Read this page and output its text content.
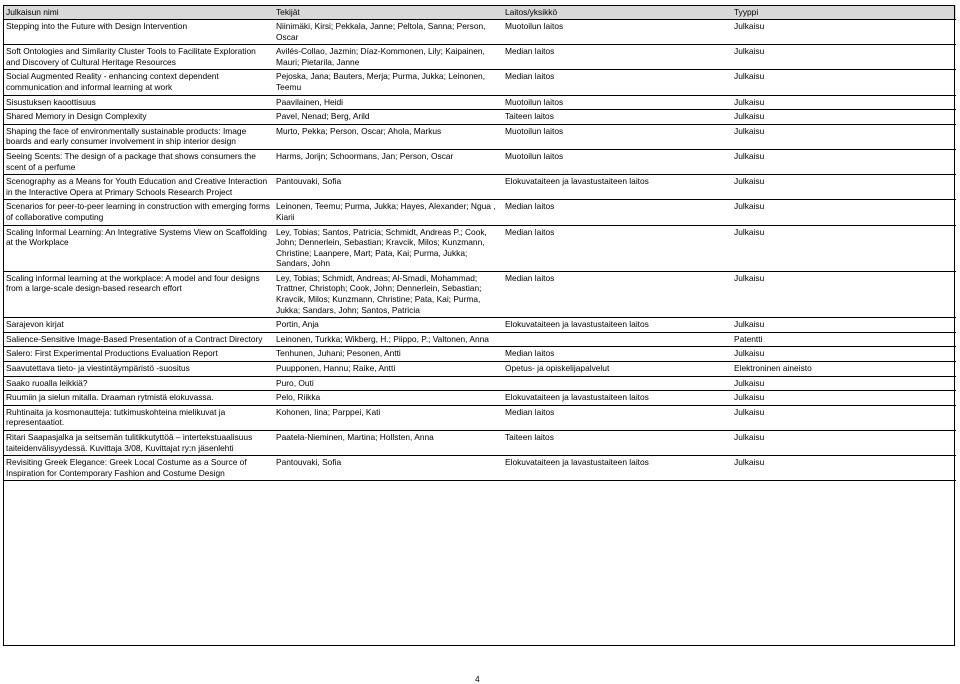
Julkaisun nimi	Tekijät	Laitos/yksikkö	Tyyppi
Stepping into the Future with Design Intervention	Niinimäki, Kirsi; Pekkala, Janne; Peltola, Sanna; Person, Oscar	Muotoilun laitos	Julkaisu
Soft Ontologies and Similarity Cluster Tools to Facilitate Exploration and Discovery of Cultural Heritage Resources	Avilés-Collao, Jazmin; Díaz-Kommonen, Lily; Kaipainen, Mauri; Pietarila, Janne	Median laitos	Julkaisu
Social Augmented Reality - enhancing context dependent communication and informal learning at work	Pejoska, Jana; Bauters, Merja; Purma, Jukka; Leinonen, Teemu	Median laitos	Julkaisu
Sisustuksen kaoottisuus	Paavilainen, Heidi	Muotoilun laitos	Julkaisu
Shared Memory in Design Complexity	Pavel, Nenad; Berg, Arild	Taiteen laitos	Julkaisu
Shaping the face of environmentally sustainable products: Image boards and early consumer involvement in ship interior design	Murto, Pekka; Person, Oscar; Ahola, Markus	Muotoilun laitos	Julkaisu
Seeing Scents: The design of a package that shows consumers the scent of a perfume	Harms, Jorijn; Schoormans, Jan; Person, Oscar	Muotoilun laitos	Julkaisu
Scenography as a Means for Youth Education and Creative Interaction in the Interactive Opera at Primary Schools Research Project	Pantouvaki, Sofia	Elokuvataiteen ja lavastustaiteen laitos	Julkaisu
Scenarios for peer-to-peer learning in construction with emerging forms of collaborative computing	Leinonen, Teemu; Purma, Jukka; Hayes, Alexander; Ngua , Kiarii	Median laitos	Julkaisu
Scaling Informal Learning: An Integrative Systems View on Scaffolding at the Workplace	Ley, Tobias; Santos, Patricia; Schmidt, Andreas P.; Cook, John; Dennerlein, Sebastian; Kravcik, Milos; Kunzmann, Christine; Laanpere, Mart; Pata, Kai; Purma, Jukka; Sandars, John	Median laitos	Julkaisu
Scaling informal learning at the workplace: A model and four designs from a large-scale design-based research effort	Ley, Tobias; Schmidt, Andreas; Al-Smadi, Mohammad; Trattner, Christoph; Cook, John; Dennerlein, Sebastian; Kravcik, Milos; Kunzmann, Christine; Pata, Kai; Purma, Jukka; Sandars, John; Santos, Patricia	Median laitos	Julkaisu
Sarajevon kirjat	Portin, Anja	Elokuvataiteen ja lavastustaiteen laitos	Julkaisu
Salience-Sensitive Image-Based Presentation of a Contract Directory	Leinonen, Turkka; Wikberg, H.; Piippo, P.; Valtonen, Anna		Patentti
Salero: First Experimental Productions Evaluation Report	Tenhunen, Juhani; Pesonen, Antti	Median laitos	Julkaisu
Saavutettava tieto- ja viestintäympäristö -suositus	Puupponen, Hannu; Raike, Antti	Opetus- ja opiskelijapalvelut	Elektroninen aineisto
Saako ruoalla leikkiä?	Puro, Outi		Julkaisu
Ruumiin ja sielun mitalla. Draaman rytmistä elokuvassa.	Pelo, Riikka	Elokuvataiteen ja lavastustaiteen laitos	Julkaisu
Ruhtinaita ja kosmonautteja: tutkimuskohteina mielikuvat ja representaatiot.	Kohonen, Iina; Parppei, Kati	Median laitos	Julkaisu
Ritari Saapasjalka ja seitsemän tulitikkutyttöä – intertekstuaalisuus taiteidenvälisyydessä. Kuvittaja 3/08, Kuvittajat ry:n jäsenlehti	Paatela-Nieminen, Martina; Hollsten, Anna	Taiteen laitos	Julkaisu
Revisiting Greek Elegance: Greek Local Costume as a Source of Inspiration for Contemporary Fashion and Costume Design	Pantouvaki, Sofia	Elokuvataiteen ja lavastustaiteen laitos	Julkaisu
4
